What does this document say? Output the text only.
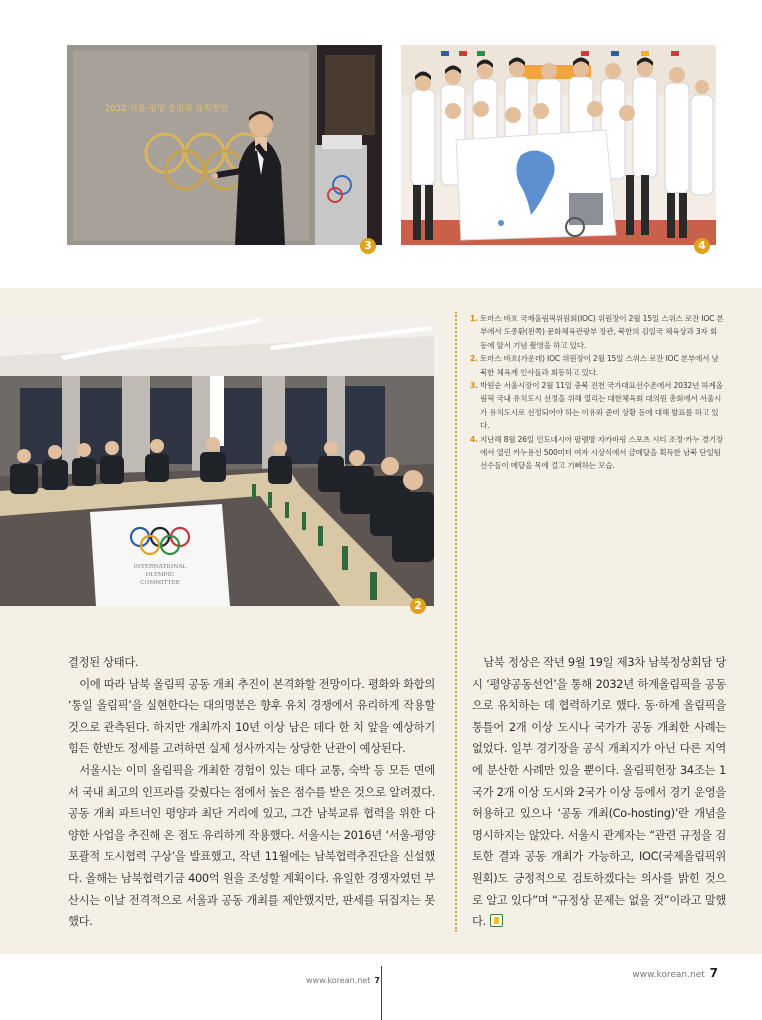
2032 서울-평양 올림픽 유치방안
3	4
INTERNATIONAL
OLYMPIC
COMMITTEE
2
1. 토마스 바흐 국제올림픽위원회(IOC) 위원장이 2월 15일 스위스 로잔 IOC 본부에서 도종환(왼쪽) 문화체육관광부 장관, 북한의 김일국 체육상과 3자 회동에 앞서 기념 촬영을 하고 있다.
2. 토마스 바흐(가운데) IOC 위원장이 2월 15일 스위스 로잔 IOC 본부에서 남북한 체육계 인사들과 회동하고 있다.
3. 박원순 서울시장이 2월 11일 충북 진천 국가대표선수촌에서 2032년 하계올림픽 국내 유치도시 선정을 위해 열리는 대한체육회 대의원 총회에서 서울시가 유치도시로 선정되어야 하는 이유와 준비 상황 등에 대해 발표를 하고 있다.
4. 지난해 8월 26일 인도네시아 팔렘방 자카바링 스포츠 시티 조정·카누 경기장에서 열린 카누용선 500미터 여자 시상식에서 금메달을 획득한 남북 단일팀 선수들이 메달을 목에 걸고 기뻐하는 모습.

결정된 상태다.

이에 따라 남북 올림픽 공동 개최 추진이 본격화할 전망이다. 평화와 화합의 ‘통일 올림픽’을 실현한다는 대의명분은 향후 유치 경쟁에서 유리하게 작용할 것으로 관측된다. 하지만 개최까지 10년 이상 남은 데다 한 치 앞을 예상하기 힘든 한반도 정세를 고려하면 실제 성사까지는 상당한 난관이 예상된다.

서울시는 이미 올림픽을 개최한 경험이 있는 데다 교통, 숙박 등 모든 면에서 국내 최고의 인프라를 갖췄다는 점에서 높은 점수를 받은 것으로 알려졌다. 공동 개최 파트너인 평양과 최단 거리에 있고, 그간 남북교류 협력을 위한 다양한 사업을 추진해 온 점도 유리하게 작용했다. 서울시는 2016년 ‘서울-평양 포괄적 도시협력 구상’을 발표했고, 작년 11월에는 남북협력추진단을 신설했다. 올해는 남북협력기금 400억 원을 조성할 계획이다. 유일한 경쟁자였던 부산시는 이날 전격적으로 서울과 공동 개최를 제안했지만, 판세를 뒤집지는 못했다.

남북 정상은 작년 9월 19일 제3차 남북정상회담 당시 ‘평양공동선언’을 통해 2032년 하계올림픽을 공동으로 유치하는 데 협력하기로 했다. 동·하계 올림픽을 통틀어 2개 이상 도시나 국가가 공동 개최한 사례는 없었다. 일부 경기장을 공식 개최지가 아닌 다른 지역에 분산한 사례만 있을 뿐이다. 올림픽헌장 34조는 1국가 2개 이상 도시와 2국가 이상 등에서 경기 운영을 허용하고 있으나 ‘공동 개최(Co-hosting)’란 개념을 명시하지는 않았다. 서울시 관계자는 “관련 규정을 검토한 결과 공동 개최가 가능하고, IOC(국제올림픽위원회)도 긍정적으로 검토하겠다는 의사를 밝힌 것으로 알고 있다”며 “규정상 문제는 없을 것”이라고 말했다.

www.korean.net 7
www.korean.net 7
